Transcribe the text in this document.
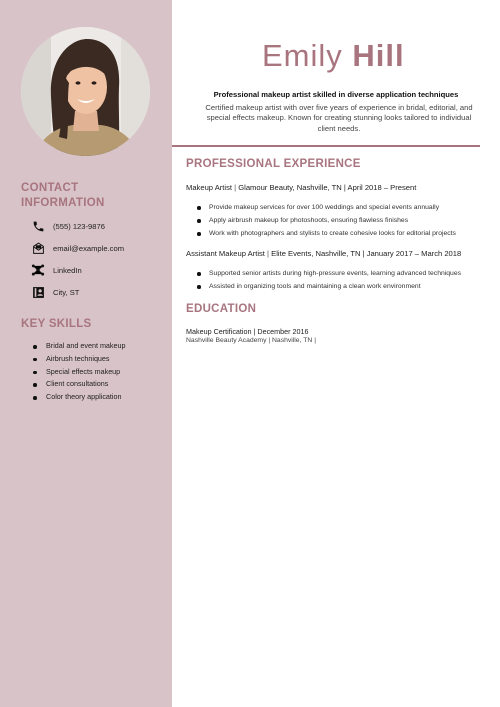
CONTACT
INFORMATION
(555) 123-9876
email@example.com
LinkedIn
City, ST
KEY SKILLS
Bridal and event makeup
Airbrush techniques
Special effects makeup
Client consultations
Color theory application
Emily Hill
Professional makeup artist skilled in diverse application techniques
Certified makeup artist with over five years of experience in bridal, editorial, and special effects makeup. Known for creating stunning looks tailored to individual client needs.
PROFESSIONAL EXPERIENCE
Makeup Artist | Glamour Beauty, Nashville, TN | April 2018 – Present
Provide makeup services for over 100 weddings and special events annually
Apply airbrush makeup for photoshoots, ensuring flawless finishes
Work with photographers and stylists to create cohesive looks for editorial projects
Assistant Makeup Artist | Elite Events, Nashville, TN | January 2017 – March 2018
Supported senior artists during high-pressure events, learning advanced techniques
Assisted in organizing tools and maintaining a clean work environment
EDUCATION
Makeup Certification | December 2016
Nashville Beauty Academy | Nashville, TN |
